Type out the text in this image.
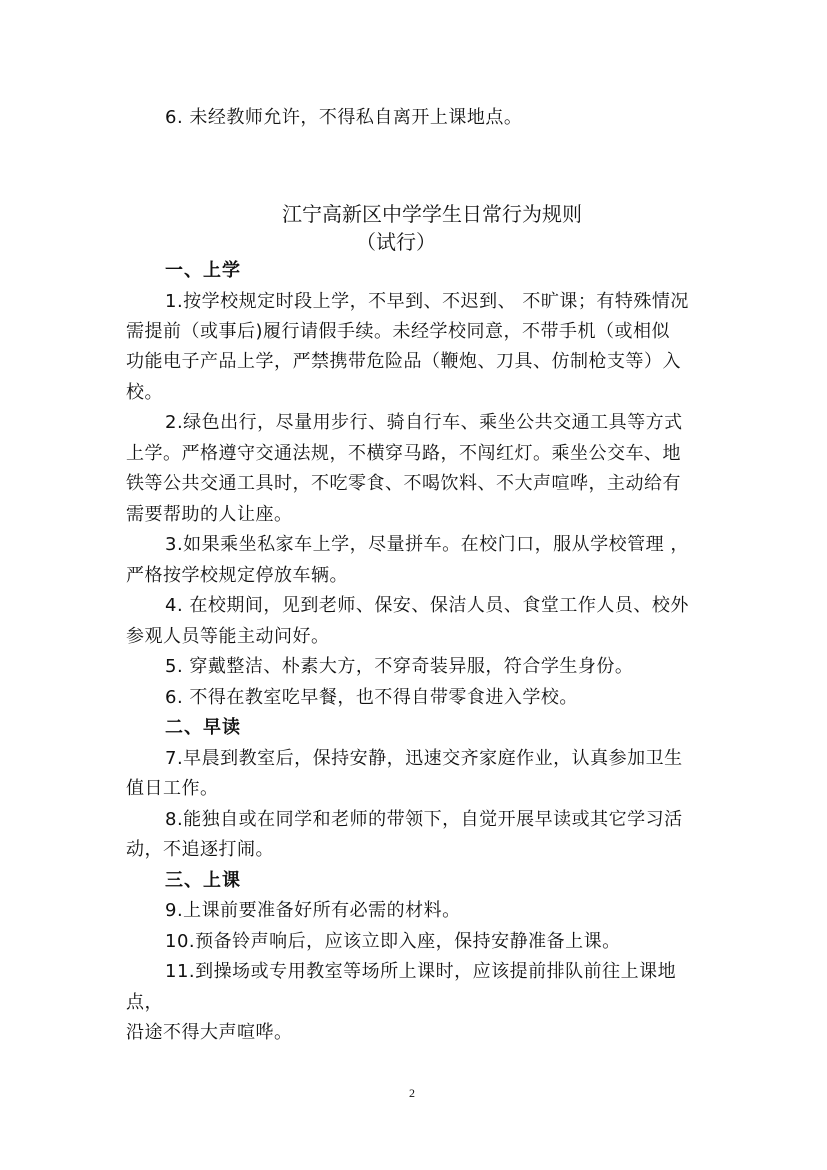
6. 未经教师允许，不得私自离开上课地点。
江宁高新区中学学生日常行为规则
（试行）
一、上学
1.按学校规定时段上学，不早到、不迟到、 不旷课；有特殊情况
需提前（或事后)履行请假手续。未经学校同意，不带手机（或相似
功能电子产品上学，严禁携带危险品（鞭炮、刀具、仿制枪支等）入
校。
2.绿色出行，尽量用步行、骑自行车、乘坐公共交通工具等方式
上学。严格遵守交通法规，不横穿马路，不闯红灯。乘坐公交车、地
铁等公共交通工具时，不吃零食、不喝饮料、不大声喧哗，主动给有
需要帮助的人让座。
3.如果乘坐私家车上学，尽量拼车。在校门口，服从学校管理 ，
严格按学校规定停放车辆。
4. 在校期间，见到老师、保安、保洁人员、食堂工作人员、校外
参观人员等能主动问好。
5. 穿戴整洁、朴素大方，不穿奇装异服，符合学生身份。
6. 不得在教室吃早餐，也不得自带零食进入学校。
二、早读
7.早晨到教室后，保持安静，迅速交齐家庭作业，认真参加卫生
值日工作。
8.能独自或在同学和老师的带领下，自觉开展早读或其它学习活
动，不追逐打闹。
三、上课
9.上课前要准备好所有必需的材料。
10.预备铃声响后，应该立即入座，保持安静准备上课。
11.到操场或专用教室等场所上课时，应该提前排队前往上课地
点，
沿途不得大声喧哗。
2
